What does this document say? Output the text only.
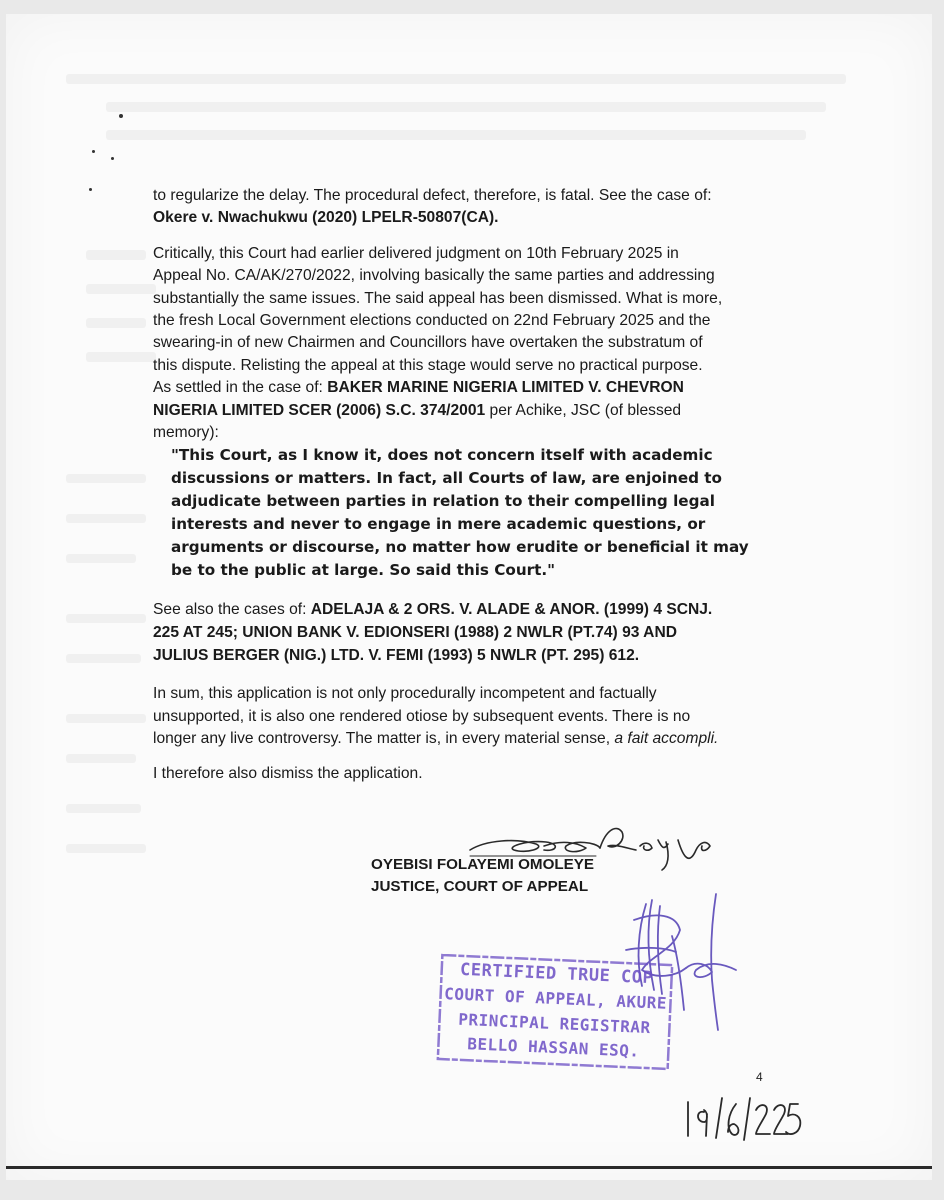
to regularize the delay. The procedural defect, therefore, is fatal. See the case of:
Okere v. Nwachukwu (2020) LPELR-50807(CA).

Critically, this Court had earlier delivered judgment on 10th February 2025 in
Appeal No. CA/AK/270/2022, involving basically the same parties and addressing
substantially the same issues. The said appeal has been dismissed. What is more,
the fresh Local Government elections conducted on 22nd February 2025 and the
swearing-in of new Chairmen and Councillors have overtaken the substratum of
this dispute. Relisting the appeal at this stage would serve no practical purpose.
As settled in the case of: BAKER MARINE NIGERIA LIMITED V. CHEVRON
NIGERIA LIMITED SCER (2006) S.C. 374/2001 per Achike, JSC (of blessed
memory):

"This Court, as I know it, does not concern itself with academic
discussions or matters. In fact, all Courts of law, are enjoined to
adjudicate between parties in relation to their compelling legal
interests and never to engage in mere academic questions, or
arguments or discourse, no matter how erudite or beneficial it may
be to the public at large. So said this Court."

See also the cases of: ADELAJA & 2 ORS. V. ALADE & ANOR. (1999) 4 SCNJ.
225 AT 245; UNION BANK V. EDIONSERI (1988) 2 NWLR (PT.74) 93 AND
JULIUS BERGER (NIG.) LTD. V. FEMI (1993) 5 NWLR (PT. 295) 612.

In sum, this application is not only procedurally incompetent and factually
unsupported, it is also one rendered otiose by subsequent events. There is no
longer any live controversy. The matter is, in every material sense, a fait accompli.

I therefore also dismiss the application.

OYEBISI FOLAYEMI OMOLEYE
JUSTICE, COURT OF APPEAL
CERTIFIED TRUE COP
COURT OF APPEAL, AKURE
PRINCIPAL REGISTRAR
BELLO HASSAN ESQ.
4
